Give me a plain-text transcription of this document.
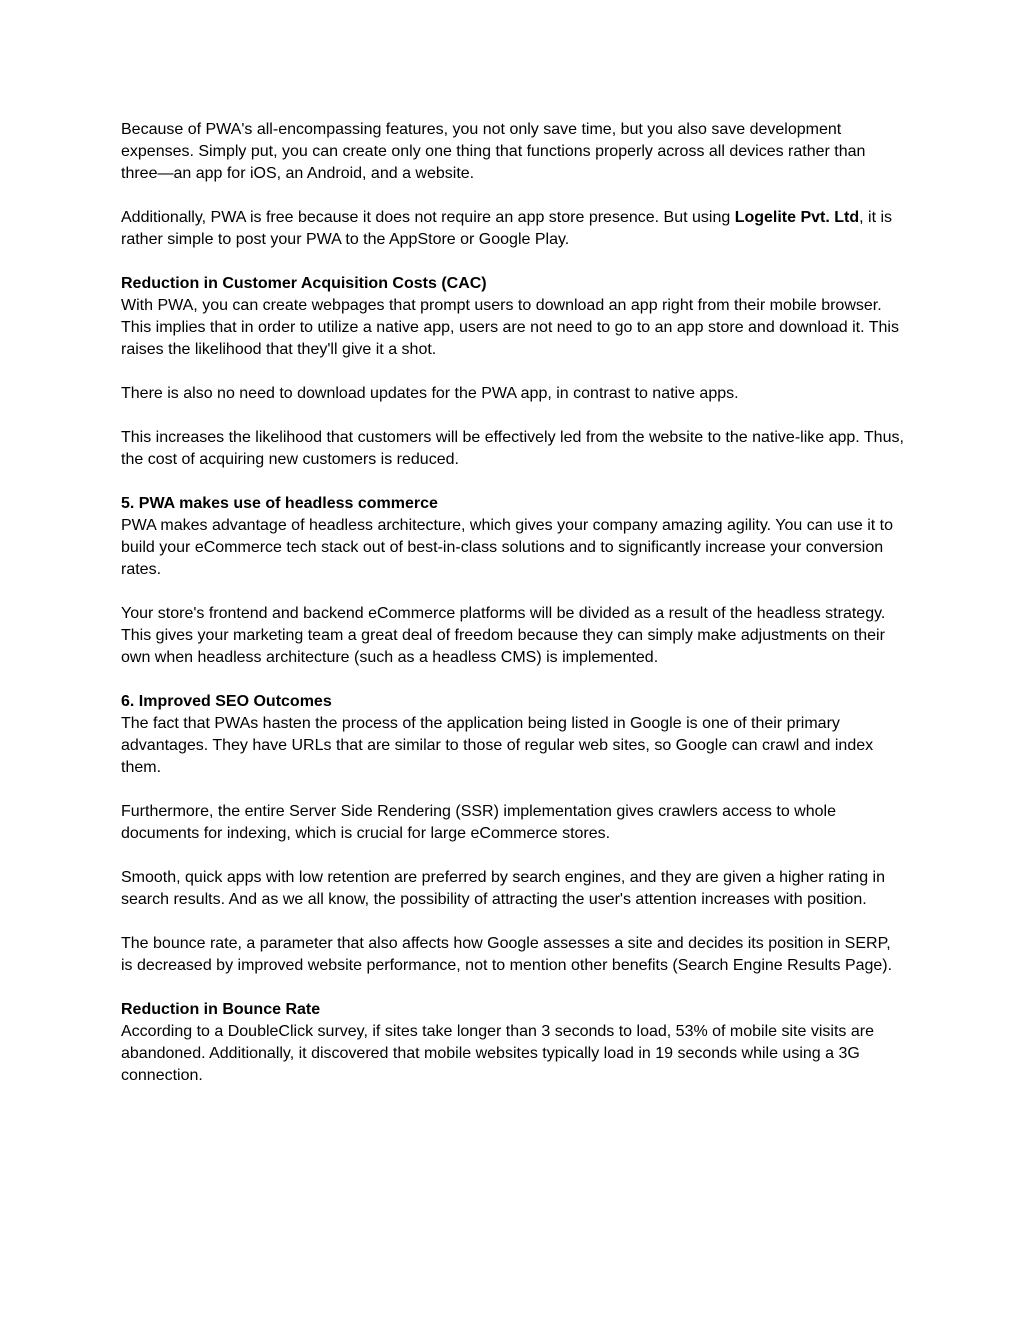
Because of PWA's all-encompassing features, you not only save time, but you also save development expenses. Simply put, you can create only one thing that functions properly across all devices rather than three—an app for iOS, an Android, and a website.

Additionally, PWA is free because it does not require an app store presence. But using Logelite Pvt. Ltd, it is rather simple to post your PWA to the AppStore or Google Play.

Reduction in Customer Acquisition Costs (CAC)
With PWA, you can create webpages that prompt users to download an app right from their mobile browser. This implies that in order to utilize a native app, users are not need to go to an app store and download it. This raises the likelihood that they'll give it a shot.

There is also no need to download updates for the PWA app, in contrast to native apps.

This increases the likelihood that customers will be effectively led from the website to the native-like app. Thus, the cost of acquiring new customers is reduced.

5. PWA makes use of headless commerce
PWA makes advantage of headless architecture, which gives your company amazing agility. You can use it to build your eCommerce tech stack out of best-in-class solutions and to significantly increase your conversion rates.

Your store's frontend and backend eCommerce platforms will be divided as a result of the headless strategy. This gives your marketing team a great deal of freedom because they can simply make adjustments on their own when headless architecture (such as a headless CMS) is implemented.

6. Improved SEO Outcomes
The fact that PWAs hasten the process of the application being listed in Google is one of their primary advantages. They have URLs that are similar to those of regular web sites, so Google can crawl and index them.

Furthermore, the entire Server Side Rendering (SSR) implementation gives crawlers access to whole documents for indexing, which is crucial for large eCommerce stores.

Smooth, quick apps with low retention are preferred by search engines, and they are given a higher rating in search results. And as we all know, the possibility of attracting the user's attention increases with position.

The bounce rate, a parameter that also affects how Google assesses a site and decides its position in SERP, is decreased by improved website performance, not to mention other benefits (Search Engine Results Page).

Reduction in Bounce Rate
According to a DoubleClick survey, if sites take longer than 3 seconds to load, 53% of mobile site visits are abandoned. Additionally, it discovered that mobile websites typically load in 19 seconds while using a 3G connection.
